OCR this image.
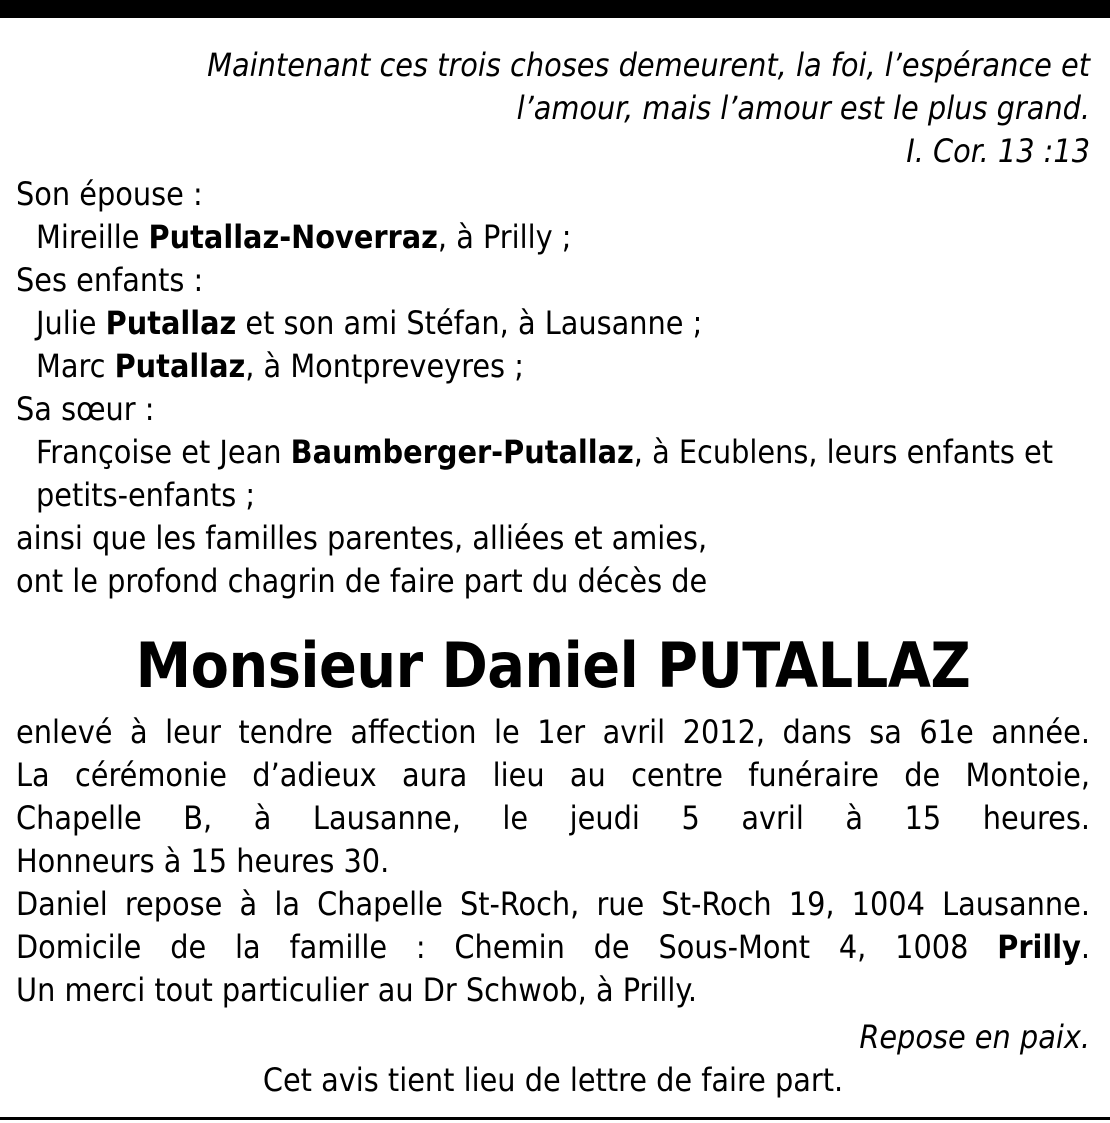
Maintenant ces trois choses demeurent, la foi, l’espérance et
l’amour, mais l’amour est le plus grand.
I. Cor. 13 :13
Son épouse :
Mireille Putallaz-Noverraz, à Prilly ;
Ses enfants :
Julie Putallaz et son ami Stéfan, à Lausanne ;
Marc Putallaz, à Montpreveyres ;
Sa sœur :
Françoise et Jean Baumberger-Putallaz, à Ecublens, leurs enfants et
petits-enfants ;
ainsi que les familles parentes, alliées et amies,
ont le profond chagrin de faire part du décès de
Monsieur Daniel PUTALLAZ
enlevé à leur tendre affection le 1er avril 2012, dans sa 61e année.
La cérémonie d’adieux aura lieu au centre funéraire de Montoie,
Chapelle B, à Lausanne, le jeudi 5 avril à 15 heures.
Honneurs à 15 heures 30.
Daniel repose à la Chapelle St-Roch, rue St-Roch 19, 1004 Lausanne.
Domicile de la famille : Chemin de Sous-Mont 4, 1008 Prilly.
Un merci tout particulier au Dr Schwob, à Prilly.
Repose en paix.
Cet avis tient lieu de lettre de faire part.
